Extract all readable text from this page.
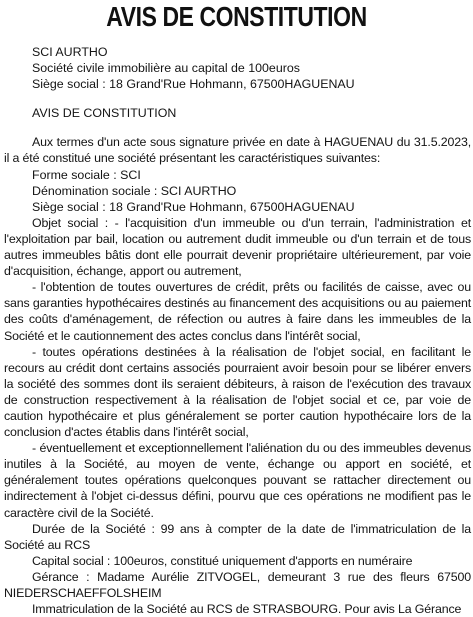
AVIS DE CONSTITUTION
SCI AURTHO
Société civile immobilière au capital de 100euros
Siège social : 18 Grand'Rue Hohmann, 67500HAGUENAU
AVIS DE CONSTITUTION

Aux termes d'un acte sous signature privée en date à HAGUENAU du 31.5.2023, il a été constitué une société présentant les caractéristiques suivantes:

Forme sociale : SCI
Dénomination sociale : SCI AURTHO
Siège social : 18 Grand'Rue Hohmann, 67500HAGUENAU

Objet social : - l'acquisition d'un immeuble ou d'un terrain, l'administration et l'exploitation par bail, location ou autrement dudit immeuble ou d'un terrain et de tous autres immeubles bâtis dont elle pourrait devenir propriétaire ultérieurement, par voie d'acquisition, échange, apport ou autrement,

- l'obtention de toutes ouvertures de crédit, prêts ou facilités de caisse, avec ou sans garanties hypothécaires destinés au financement des acquisitions ou au paiement des coûts d'aménagement, de réfection ou autres à faire dans les immeubles de la Société et le cautionnement des actes conclus dans l'intérêt social,

- toutes opérations destinées à la réalisation de l'objet social, en facilitant le recours au crédit dont certains associés pourraient avoir besoin pour se libérer envers la société des sommes dont ils seraient débiteurs, à raison de l'exécution des travaux de construction respectivement à la réalisation de l'objet social et ce, par voie de caution hypothécaire et plus généralement se porter caution hypothécaire lors de la conclusion d'actes établis dans l'intérêt social,

- éventuellement et exceptionnellement l'aliénation du ou des immeubles devenus inutiles à la Société, au moyen de vente, échange ou apport en société, et généralement toutes opérations quelconques pouvant se rattacher directement ou indirectement à l'objet ci-dessus défini, pourvu que ces opérations ne modifient pas le caractère civil de la Société.

Durée de la Société : 99 ans à compter de la date de l'immatriculation de la Société au RCS

Capital social : 100euros, constitué uniquement d'apports en numéraire

Gérance : Madame Aurélie ZITVOGEL, demeurant 3 rue des fleurs 67500 NIEDERSCHAEFFOLSHEIM

Immatriculation de la Société au RCS de STRASBOURG. Pour avis La Gérance
